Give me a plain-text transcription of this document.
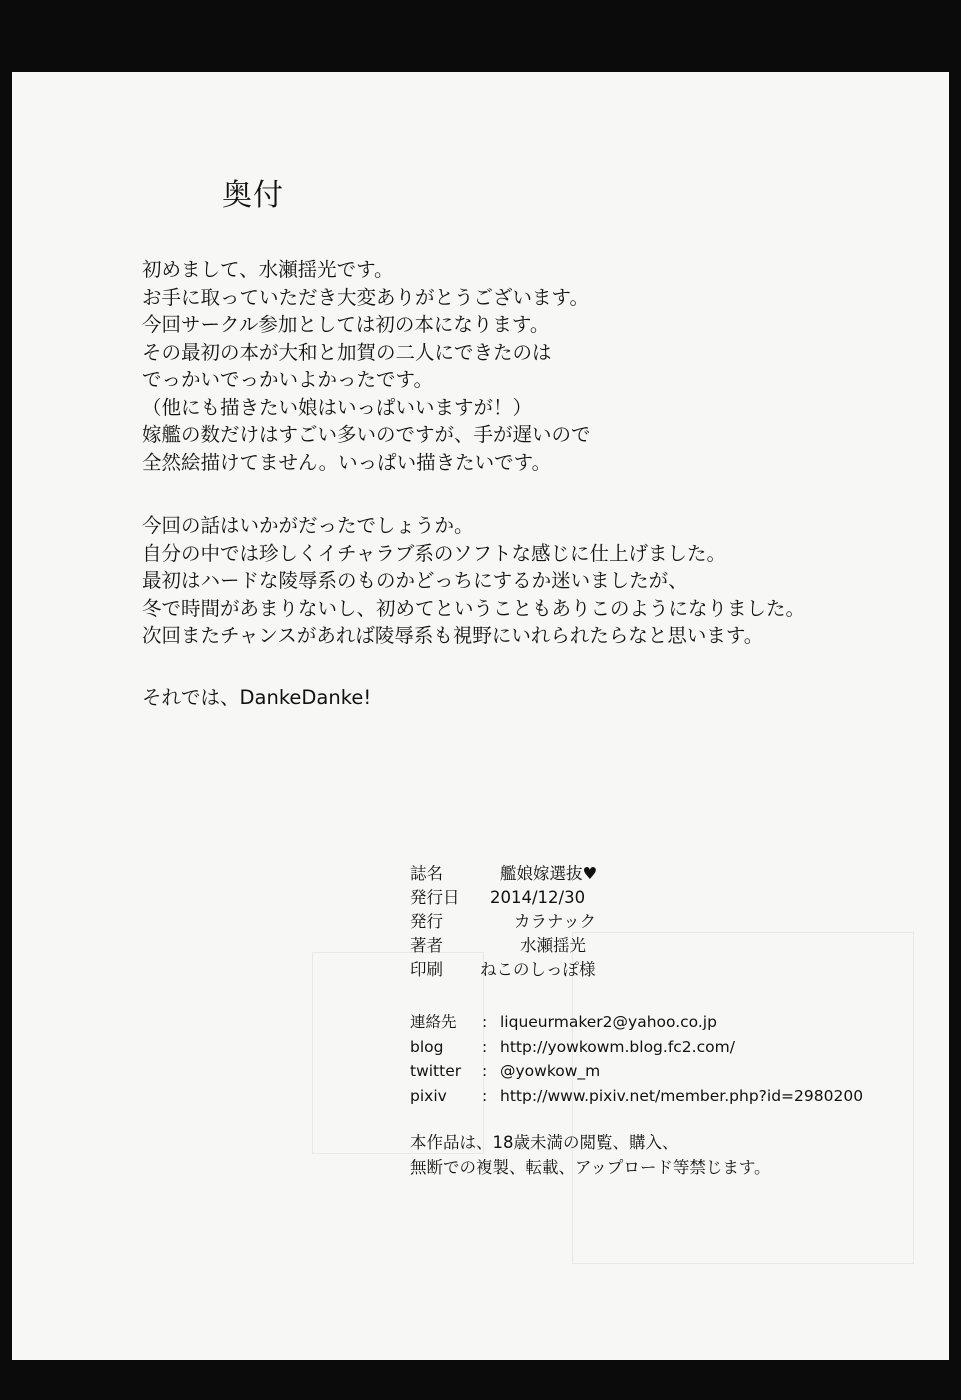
奥付
初めまして、水瀬揺光です。
お手に取っていただき大変ありがとうございます。
今回サークル参加としては初の本になります。
その最初の本が大和と加賀の二人にできたのは
でっかいでっかいよかったです。
（他にも描きたい娘はいっぱいいますが！）
嫁艦の数だけはすごい多いのですが、手が遅いので
全然絵描けてません。いっぱい描きたいです。
今回の話はいかがだったでしょうか。
自分の中では珍しくイチャラブ系のソフトな感じに仕上げました。
最初はハードな陵辱系のものかどっちにするか迷いましたが、
冬で時間があまりないし、初めてということもありこのようになりました。
次回またチャンスがあれば陵辱系も視野にいれられたらなと思います。
それでは、DankeDanke!
誌名	艦娘嫁選抜♥
発行日 2014/12/30
発行	カラナック
著者	水瀬揺光
印刷 ねこのしっぽ様
連絡先 : liqueurmaker2@yahoo.co.jp
blog : http://yowkowm.blog.fc2.com/
twitter : @yowkow_m
pixiv : http://www.pixiv.net/member.php?id=2980200
本作品は、18歳未満の閲覧、購入、
無断での複製、転載、アップロード等禁じます。
